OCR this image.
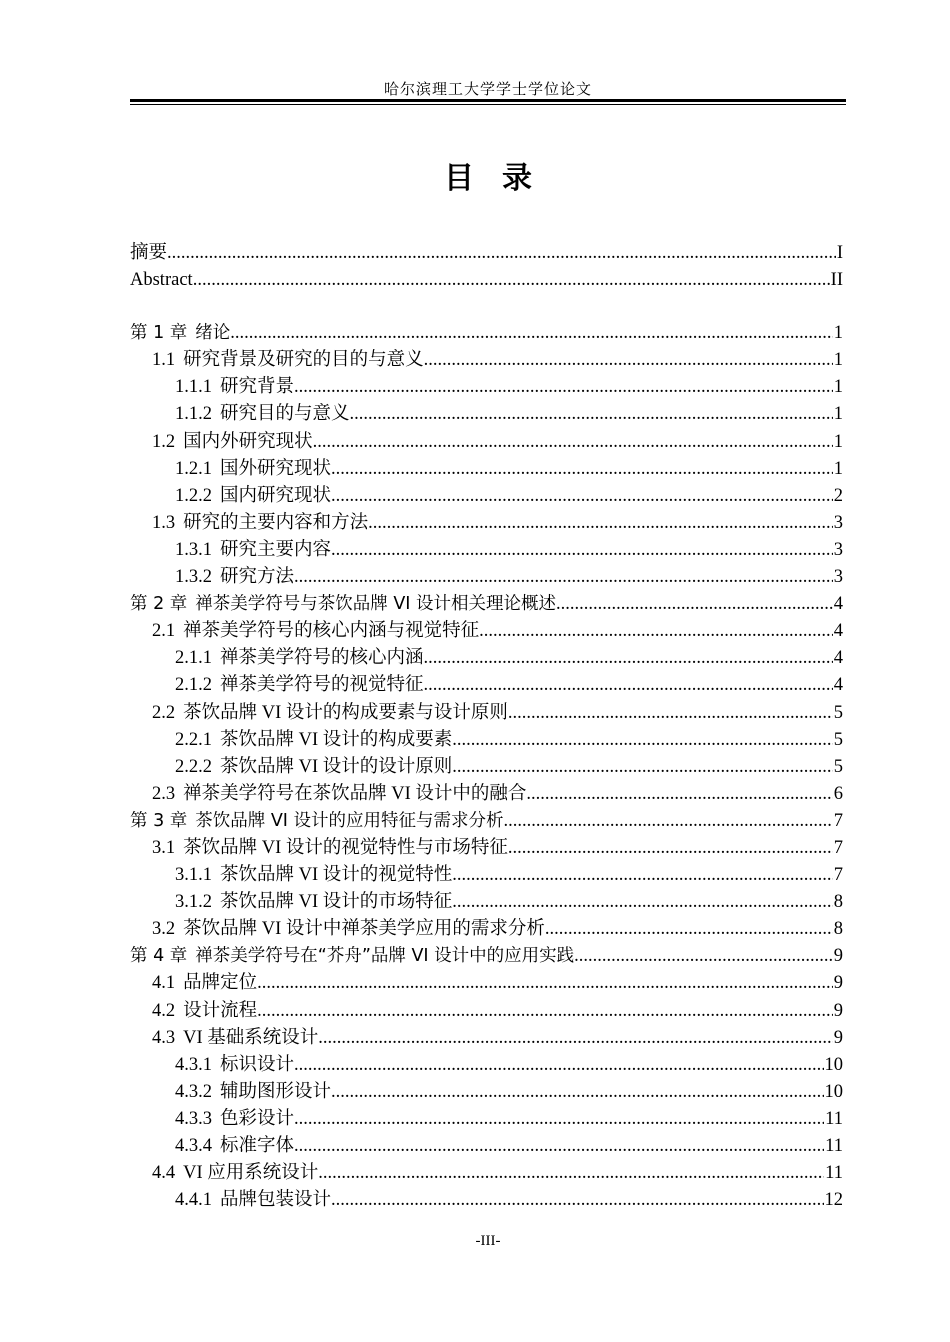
哈尔滨理工大学学士学位论文
目录
摘要 .....	I
Abstract .....	II
第 1 章 绪论 .....	1
1.1 研究背景及研究的目的与意义 .....	1
1.1.1 研究背景 .....	1
1.1.2 研究目的与意义 .....	1
1.2 国内外研究现状 .....	1
1.2.1 国外研究现状 .....	1
1.2.2 国内研究现状 .....	2
1.3 研究的主要内容和方法 .....	3
1.3.1 研究主要内容 .....	3
1.3.2 研究方法 .....	3
第 2 章 禅茶美学符号与茶饮品牌 VI 设计相关理论概述 .....	4
2.1 禅茶美学符号的核心内涵与视觉特征 .....	4
2.1.1 禅茶美学符号的核心内涵 .....	4
2.1.2 禅茶美学符号的视觉特征 .....	4
2.2 茶饮品牌 VI 设计的构成要素与设计原则 .....	5
2.2.1 茶饮品牌 VI 设计的构成要素 .....	5
2.2.2 茶饮品牌 VI 设计的设计原则 .....	5
2.3 禅茶美学符号在茶饮品牌 VI 设计中的融合 .....	6
第 3 章 茶饮品牌 VI 设计的应用特征与需求分析 .....	7
3.1 茶饮品牌 VI 设计的视觉特性与市场特征 .....	7
3.1.1 茶饮品牌 VI 设计的视觉特性 .....	7
3.1.2 茶饮品牌 VI 设计的市场特征 .....	8
3.2 茶饮品牌 VI 设计中禅茶美学应用的需求分析 .....	8
第 4 章 禅茶美学符号在“芥舟”品牌 VI 设计中的应用实践 .....	9
4.1 品牌定位 .....	9
4.2 设计流程 .....	9
4.3 VI 基础系统设计 .....	9
4.3.1 标识设计 .....	10
4.3.2 辅助图形设计 .....	10
4.3.3 色彩设计 .....	11
4.3.4 标准字体 .....	11
4.4 VI 应用系统设计 .....	11
4.4.1 品牌包装设计 .....	12
-III-
